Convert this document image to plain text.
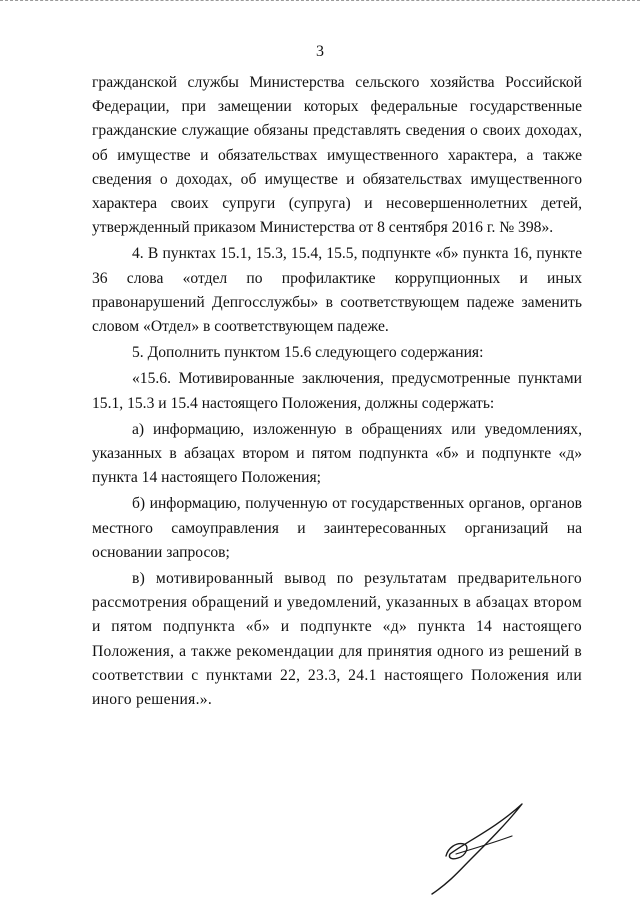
3

гражданской службы Министерства сельского хозяйства Российской Федерации, при замещении которых федеральные государственные гражданские служащие обязаны представлять сведения о своих доходах, об имуществе и обязательствах имущественного характера, а также сведения о доходах, об имуществе и обязательствах имущественного характера своих супруги (супруга) и несовершеннолетних детей, утвержденный приказом Министерства от 8 сентября 2016 г. № 398».

4. В пунктах 15.1, 15.3, 15.4, 15.5, подпункте «б» пункта 16, пункте 36 слова «отдел по профилактике коррупционных и иных правонарушений Депгосслужбы» в соответствующем падеже заменить словом «Отдел» в соответствующем падеже.

5. Дополнить пунктом 15.6 следующего содержания:

«15.6. Мотивированные заключения, предусмотренные пунктами 15.1, 15.3 и 15.4 настоящего Положения, должны содержать:

а) информацию, изложенную в обращениях или уведомлениях, указанных в абзацах втором и пятом подпункта «б» и подпункте «д» пункта 14 настоящего Положения;

б) информацию, полученную от государственных органов, органов местного самоуправления и заинтересованных организаций на основании запросов;

в) мотивированный вывод по результатам предварительного рассмотрения обращений и уведомлений, указанных в абзацах втором и пятом подпункта «б» и подпункте «д» пункта 14 настоящего Положения, а также рекомендации для принятия одного из решений в соответствии с пунктами 22, 23.3, 24.1 настоящего Положения или иного решения.».
